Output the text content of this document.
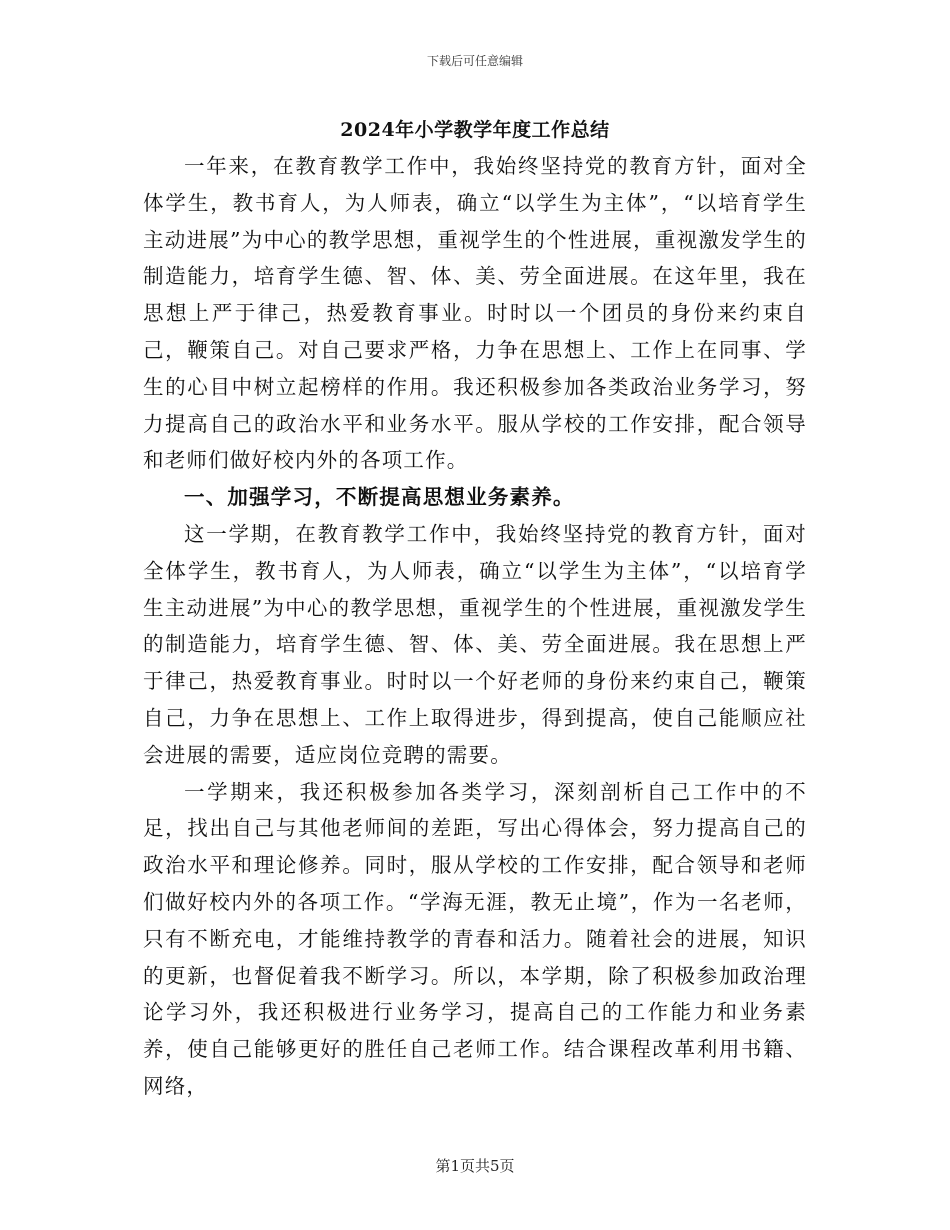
下载后可任意编辑
2024年小学教学年度工作总结

一年来，在教育教学工作中，我始终坚持党的教育方针，面对全体学生，教书育人，为人师表，确立“以学生为主体”，“以培育学生主动进展”为中心的教学思想，重视学生的个性进展，重视激发学生的制造能力，培育学生德、智、体、美、劳全面进展。在这年里，我在思想上严于律己，热爱教育事业。时时以一个团员的身份来约束自己，鞭策自己。对自己要求严格，力争在思想上、工作上在同事、学生的心目中树立起榜样的作用。我还积极参加各类政治业务学习，努力提高自己的政治水平和业务水平。服从学校的工作安排，配合领导和老师们做好校内外的各项工作。

一、加强学习，不断提高思想业务素养。

这一学期，在教育教学工作中，我始终坚持党的教育方针，面对全体学生，教书育人，为人师表，确立“以学生为主体”，“以培育学生主动进展”为中心的教学思想，重视学生的个性进展，重视激发学生的制造能力，培育学生德、智、体、美、劳全面进展。我在思想上严于律己，热爱教育事业。时时以一个好老师的身份来约束自己，鞭策自己，力争在思想上、工作上取得进步，得到提高，使自己能顺应社会进展的需要，适应岗位竞聘的需要。

一学期来，我还积极参加各类学习，深刻剖析自己工作中的不足，找出自己与其他老师间的差距，写出心得体会，努力提高自己的政治水平和理论修养。同时，服从学校的工作安排，配合领导和老师们做好校内外的各项工作。“学海无涯，教无止境”，作为一名老师，只有不断充电，才能维持教学的青春和活力。随着社会的进展，知识的更新，也督促着我不断学习。所以，本学期，除了积极参加政治理论学习外，我还积极进行业务学习，提高自己的工作能力和业务素养，使自己能够更好的胜任自己老师工作。结合课程改革利用书籍、网络，

第1页共5页
